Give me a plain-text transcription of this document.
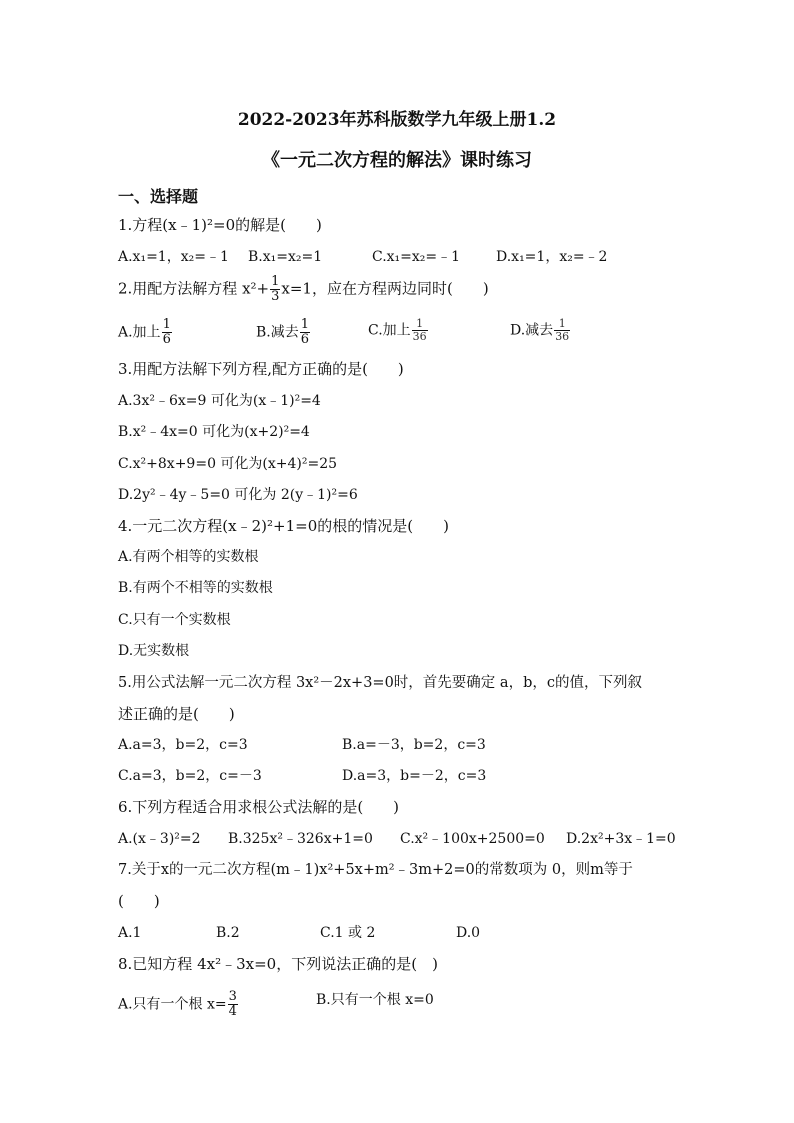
2022-2023年苏科版数学九年级上册1.2
《一元二次方程的解法》课时练习
一、选择题
1.方程(x﹣1)²=0的解是(　　)
A.x₁=1，x₂=﹣1 B.x₁=x₂=1	C.x₁=x₂=﹣1	D.x₁=1，x₂=﹣2
2.用配方法解方程 $x^2+ \frac{1}{3} x=1$，应在方程两边同时(　　)
A.加上 $\frac{1}{6}$	B.减去 $\frac{1}{6}$	C.加上 $\frac{1}{36}$	D.减去 $\frac{1}{36}$
3.用配方法解下列方程,配方正确的是(　　)
A.3x²﹣6x=9 可化为(x﹣1)²=4
B.x²﹣4x=0 可化为(x+2)²=4
C.x²+8x+9=0 可化为(x+4)²=25
D.2y²﹣4y﹣5=0 可化为 2(y﹣1)²=6
4.一元二次方程(x﹣2)²+1=0的根的情况是(　　)
A.有两个相等的实数根
B.有两个不相等的实数根
C.只有一个实数根
D.无实数根
5.用公式法解一元二次方程 3x²－2x+3=0时，首先要确定 a，b，c的值，下列叙
述正确的是(　　)
A.a=3，b=2，c=3	B.a=－3，b=2，c=3
C.a=3，b=2，c=－3	D.a=3，b=－2，c=3
6.下列方程适合用求根公式法解的是(　　)
A.(x﹣3)²=2 B.325x²﹣326x+1=0 C.x²﹣100x+2500=0 D.2x²+3x﹣1=0
7.关于x的一元二次方程(m﹣1)x²+5x+m²﹣3m+2=0的常数项为 0，则m等于
(　　)
A.1	B.2	C.1 或 2	D.0
8.已知方程 4x²﹣3x=0，下列说法正确的是(　)
A.只有一个根 $x= \frac{3}{4}$	B.只有一个根 x=0
